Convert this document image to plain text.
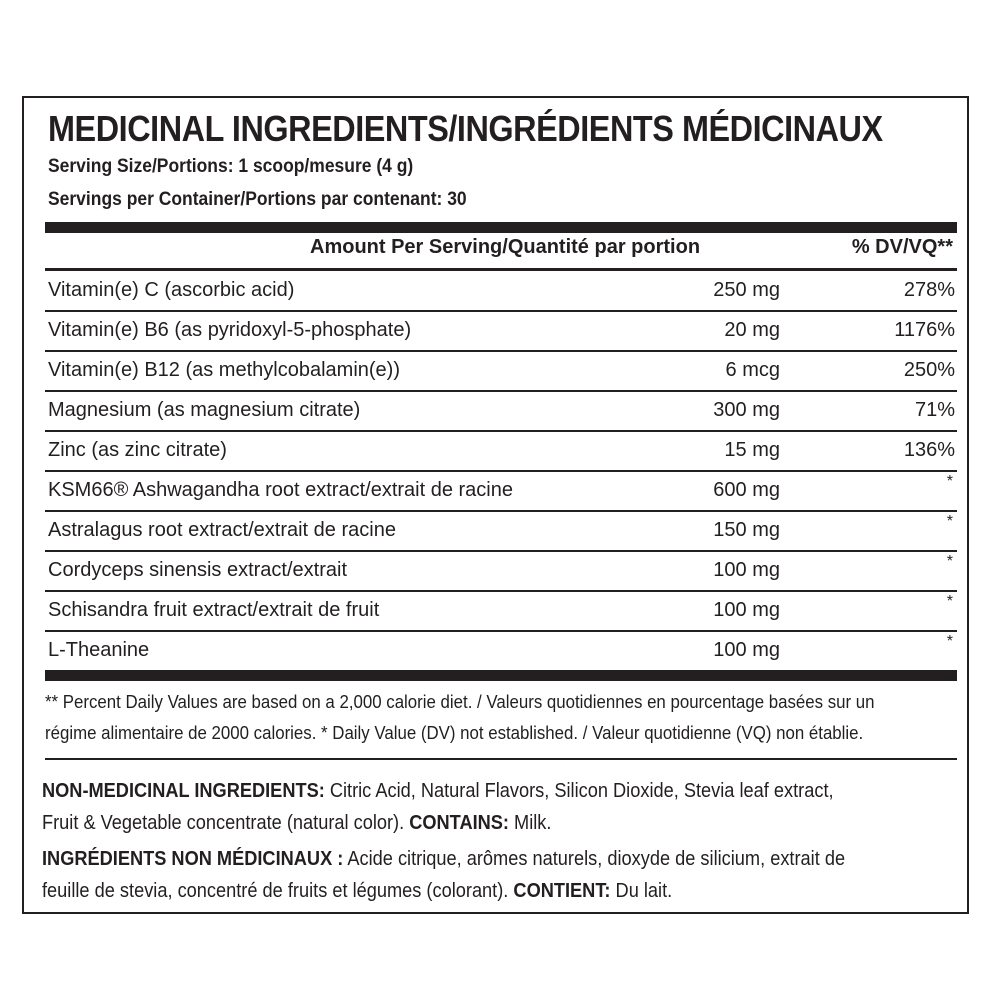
MEDICINAL INGREDIENTS/INGRÉDIENTS MÉDICINAUX
Serving Size/Portions: 1 scoop/mesure (4 g)
Servings per Container/Portions par contenant: 30
Amount Per Serving/Quantité par portion	% DV/VQ**
Vitamin(e) C (ascorbic acid)	250 mg	278%
Vitamin(e) B6 (as pyridoxyl-5-phosphate)	20 mg	1176%
Vitamin(e) B12 (as methylcobalamin(e))	6 mcg	250%
Magnesium (as magnesium citrate)	300 mg	71%
Zinc (as zinc citrate)	15 mg	136%
KSM66® Ashwagandha root extract/extrait de racine	600 mg	*
Astralagus root extract/extrait de racine	150 mg	*
Cordyceps sinensis extract/extrait	100 mg	*
Schisandra fruit extract/extrait de fruit	100 mg	*
L-Theanine	100 mg	*
** Percent Daily Values are based on a 2,000 calorie diet. / Valeurs quotidiennes en pourcentage basées sur un
régime alimentaire de 2000 calories. * Daily Value (DV) not established. / Valeur quotidienne (VQ) non établie.
NON-MEDICINAL INGREDIENTS: Citric Acid, Natural Flavors, Silicon Dioxide, Stevia leaf extract,
Fruit & Vegetable concentrate (natural color). CONTAINS: Milk.
INGRÉDIENTS NON MÉDICINAUX : Acide citrique, arômes naturels, dioxyde de silicium, extrait de
feuille de stevia, concentré de fruits et légumes (colorant). CONTIENT: Du lait.
